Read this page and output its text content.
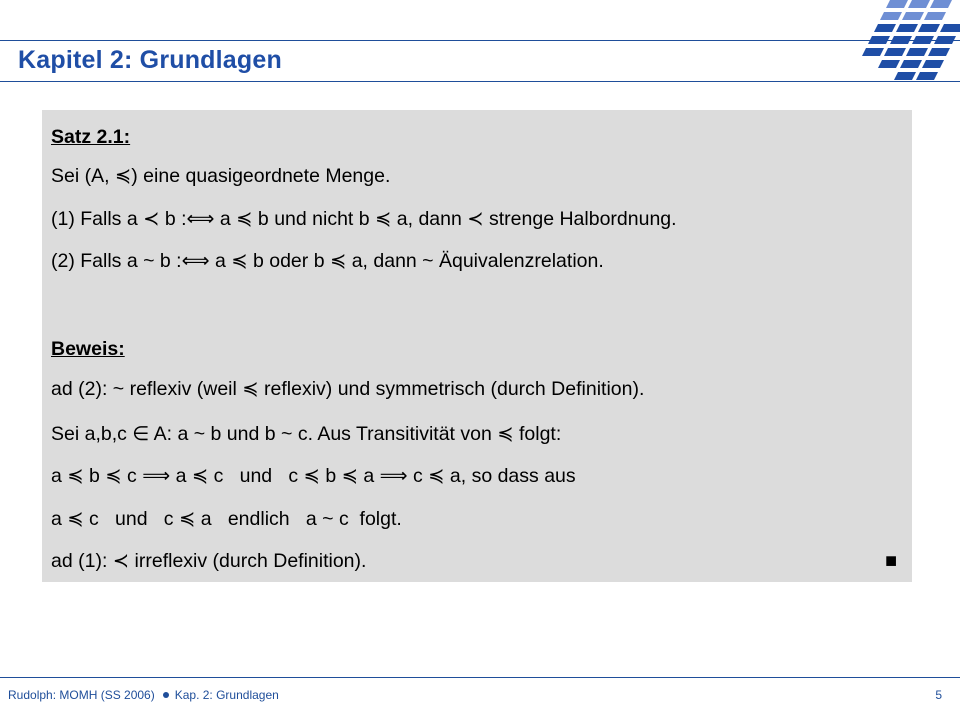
Kapitel 2: Grundlagen
Satz 2.1:
Sei (A, ≼) eine quasigeordnete Menge.
(1) Falls a ≺ b :⟺ a ≼ b und nicht b ≼ a, dann ≺ strenge Halbordnung.
(2) Falls a ~ b :⟺ a ≼ b oder b ≼ a, dann ~ Äquivalenzrelation.
Beweis:
ad (2): ~ reflexiv (weil ≼ reflexiv) und symmetrisch (durch Definition).
Sei a,b,c ∈ A: a ~ b und b ~ c. Aus Transitivität von ≼ folgt:
a ≼ b ≼ c ⟹ a ≼ c   und   c ≼ b ≼ a ⟹ c ≼ a, so dass aus
a ≼ c   und   c ≼ a   endlich   a ~ c  folgt.
ad (1): ≺ irreflexiv (durch Definition).	■
Rudolph: MOMH (SS 2006) Kap. 2: Grundlagen	5
